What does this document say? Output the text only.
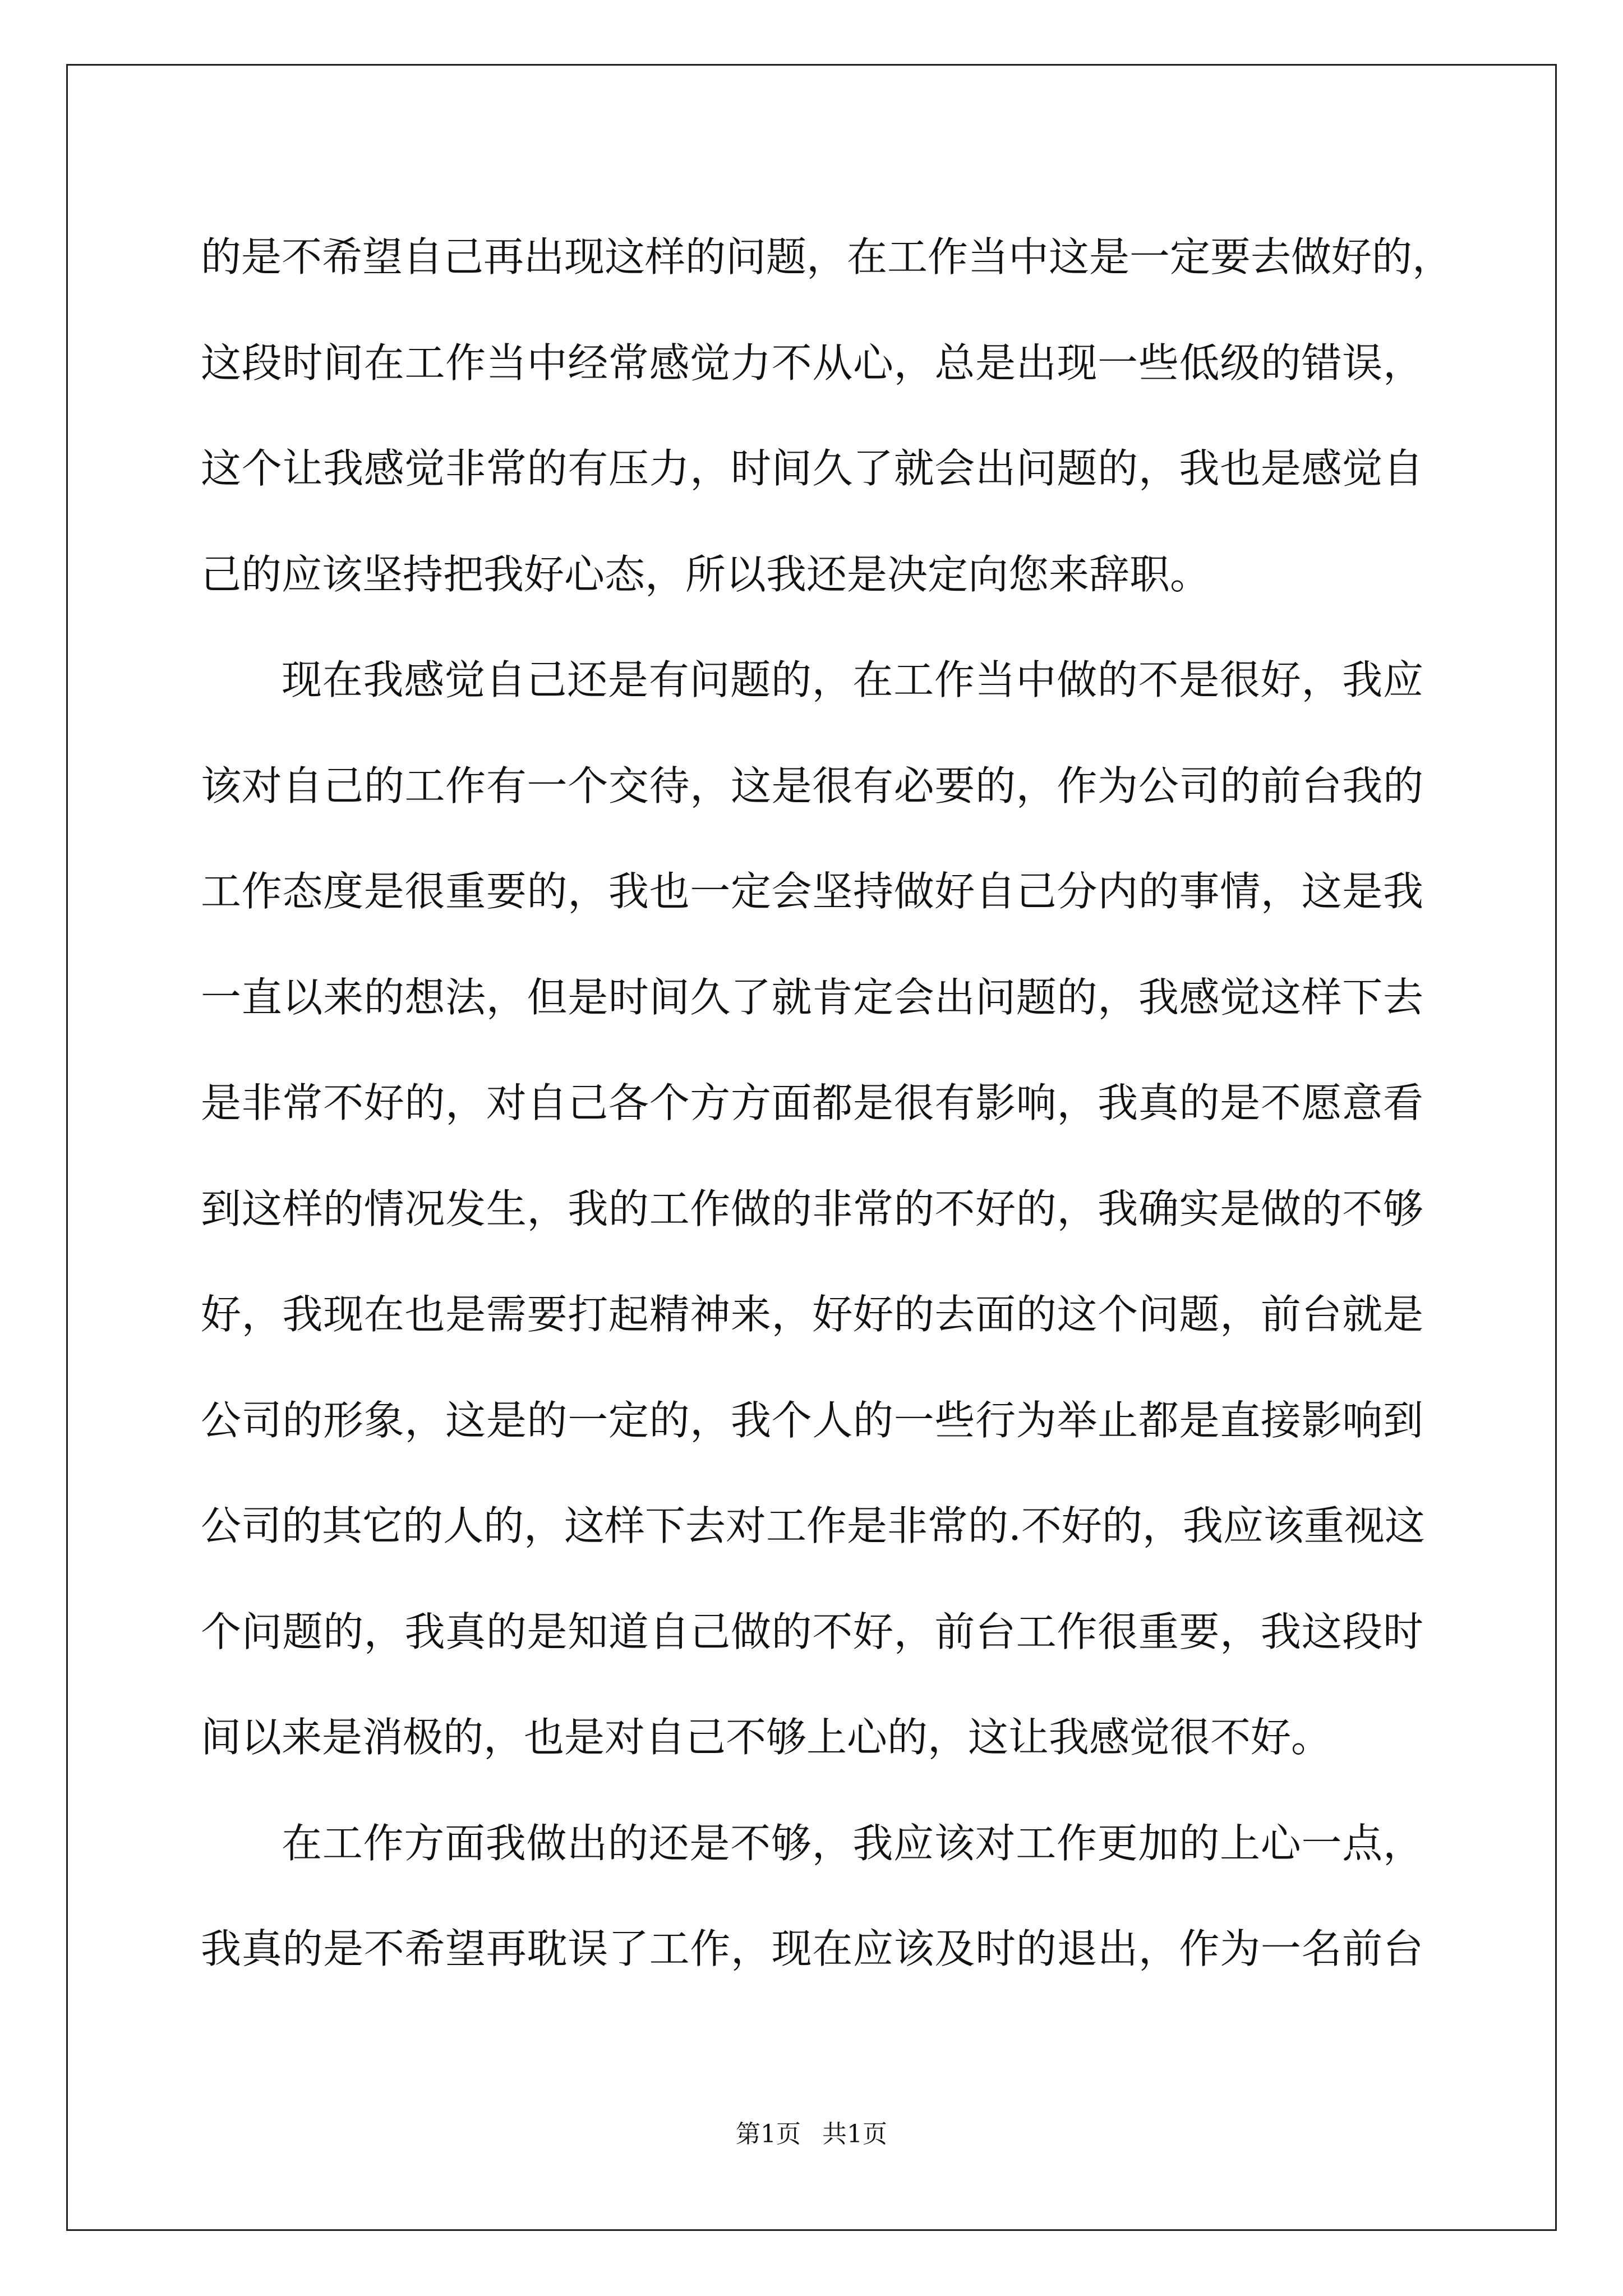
的是不希望自己再出现这样的问题，在工作当中这是一定要去做好的，
这段时间在工作当中经常感觉力不从心，总是出现一些低级的错误，
这个让我感觉非常的有压力，时间久了就会出问题的，我也是感觉自
己的应该坚持把我好心态，所以我还是决定向您来辞职。
现在我感觉自己还是有问题的，在工作当中做的不是很好，我应
该对自己的工作有一个交待，这是很有必要的，作为公司的前台我的
工作态度是很重要的，我也一定会坚持做好自己分内的事情，这是我
一直以来的想法，但是时间久了就肯定会出问题的，我感觉这样下去
是非常不好的，对自己各个方方面都是很有影响，我真的是不愿意看
到这样的情况发生，我的工作做的非常的不好的，我确实是做的不够
好，我现在也是需要打起精神来，好好的去面的这个问题，前台就是
公司的形象，这是的一定的，我个人的一些行为举止都是直接影响到
公司的其它的人的，这样下去对工作是非常的.不好的，我应该重视这
个问题的，我真的是知道自己做的不好，前台工作很重要，我这段时
间以来是消极的，也是对自己不够上心的，这让我感觉很不好。
在工作方面我做出的还是不够，我应该对工作更加的上心一点，
我真的是不希望再耽误了工作，现在应该及时的退出，作为一名前台
第1页 共1页
